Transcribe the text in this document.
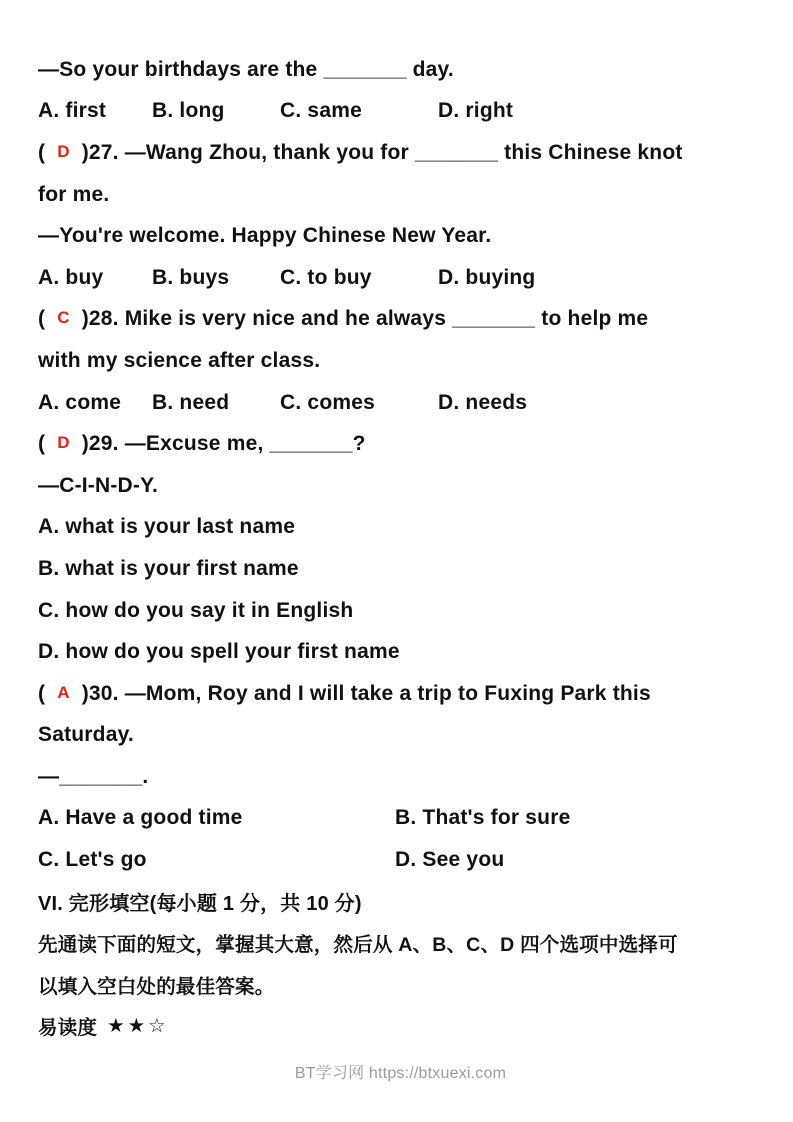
—So your birthdays are the _______ day.
A. first	B. long	C. same	D. right
( D )27. —Wang Zhou, thank you for _______ this Chinese knot
for me.
—You're welcome. Happy Chinese New Year.
A. buy	B. buys	C. to buy	D. buying
( C )28. Mike is very nice and he always _______ to help me
with my science after class.
A. come	B. need	C. comes	D. needs
( D )29. —Excuse me, _______?
—C-I-N-D-Y.
A. what is your last name
B. what is your first name
C. how do you say it in English
D. how do you spell your first name
( A )30. —Mom, Roy and I will take a trip to Fuxing Park this
Saturday.
—_______.
A. Have a good time	B. That's for sure
C. Let's go	D. See you
VI. 完形填空(每小题 1 分，共 10 分)
先通读下面的短文，掌握其大意，然后从 A、B、C、D 四个选项中选择可
以填入空白处的最佳答案。
易读度 ★★☆
BT学习网 https://btxuexi.com
